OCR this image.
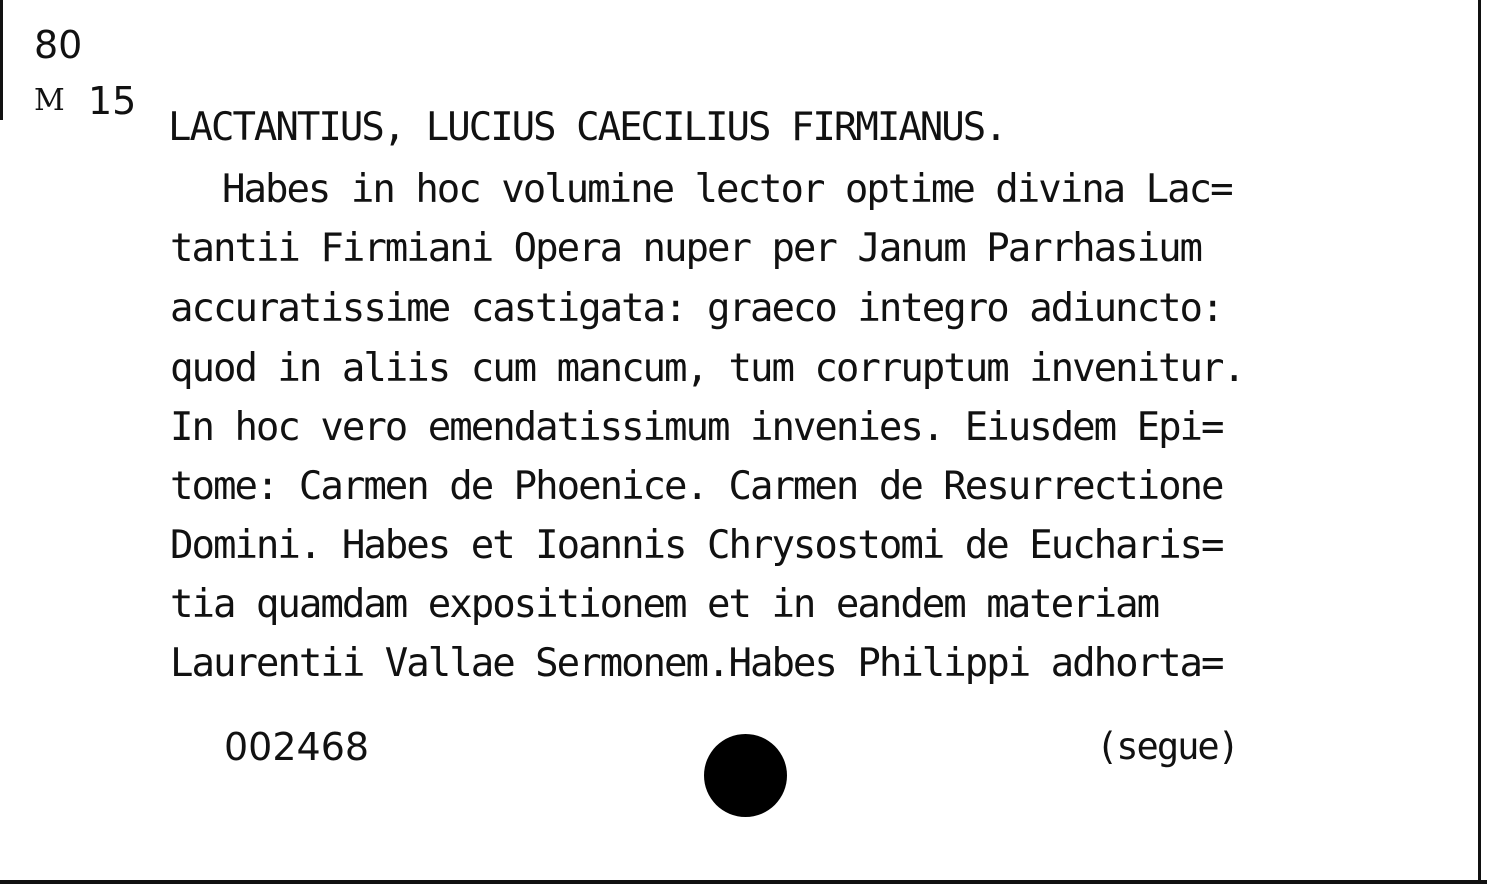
80
M 15
LACTANTIUS, LUCIUS CAECILIUS FIRMIANUS.
Habes in hoc volumine lector optime divina Lac=
tantii Firmiani Opera nuper per Janum Parrhasium
accuratissime castigata: graeco integro adiuncto:
quod in aliis cum mancum, tum corruptum invenitur.
In hoc vero emendatissimum invenies. Eiusdem Epi=
tome: Carmen de Phoenice. Carmen de Resurrectione
Domini. Habes et Ioannis Chrysostomi de Eucharis=
tia quamdam expositionem et in eandem materiam
Laurentii Vallae Sermonem.Habes Philippi adhorta=
002468	(segue)
